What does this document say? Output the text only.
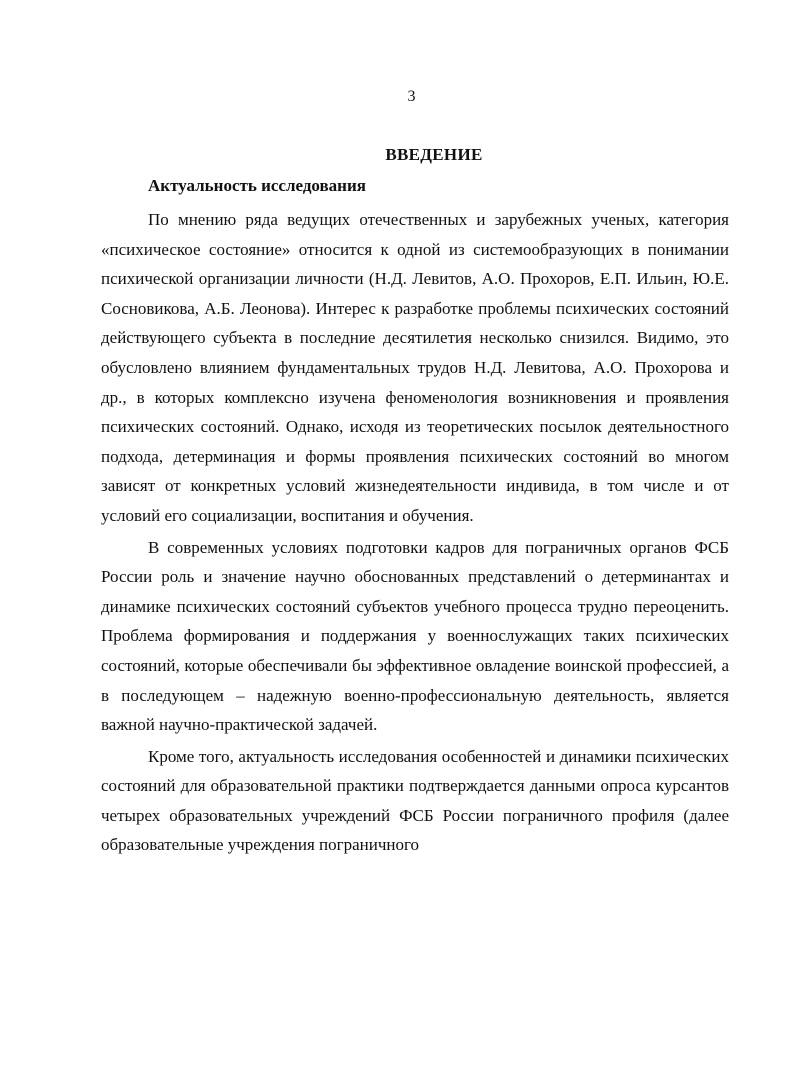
3
ВВЕДЕНИЕ
Актуальность исследования

По мнению ряда ведущих отечественных и зарубежных ученых, категория «психическое состояние» относится к одной из системообразующих в понимании психической организации личности (Н.Д. Левитов, А.О. Прохоров, Е.П. Ильин, Ю.Е. Сосновикова, А.Б. Леонова). Интерес к разработке проблемы психических состояний действующего субъекта в последние десятилетия несколько снизился. Видимо, это обусловлено влиянием фундаментальных трудов Н.Д. Левитова, А.О. Прохорова и др., в которых комплексно изучена феноменология возникновения и проявления психических состояний. Однако, исходя из теоретических посылок деятельностного подхода, детерминация и формы проявления психических состояний во многом зависят от конкретных условий жизнедеятельности индивида, в том числе и от условий его социализации, воспитания и обучения.

В современных условиях подготовки кадров для пограничных органов ФСБ России роль и значение научно обоснованных представлений о детерминантах и динамике психических состояний субъектов учебного процесса трудно переоценить. Проблема формирования и поддержания у военнослужащих таких психических состояний, которые обеспечивали бы эффективное овладение воинской профессией, а в последующем – надежную военно-профессиональную деятельность, является важной научно-практической задачей.

Кроме того, актуальность исследования особенностей и динамики психических состояний для образовательной практики подтверждается данными опроса курсантов четырех образовательных учреждений ФСБ России пограничного профиля (далее образовательные учреждения пограничного
